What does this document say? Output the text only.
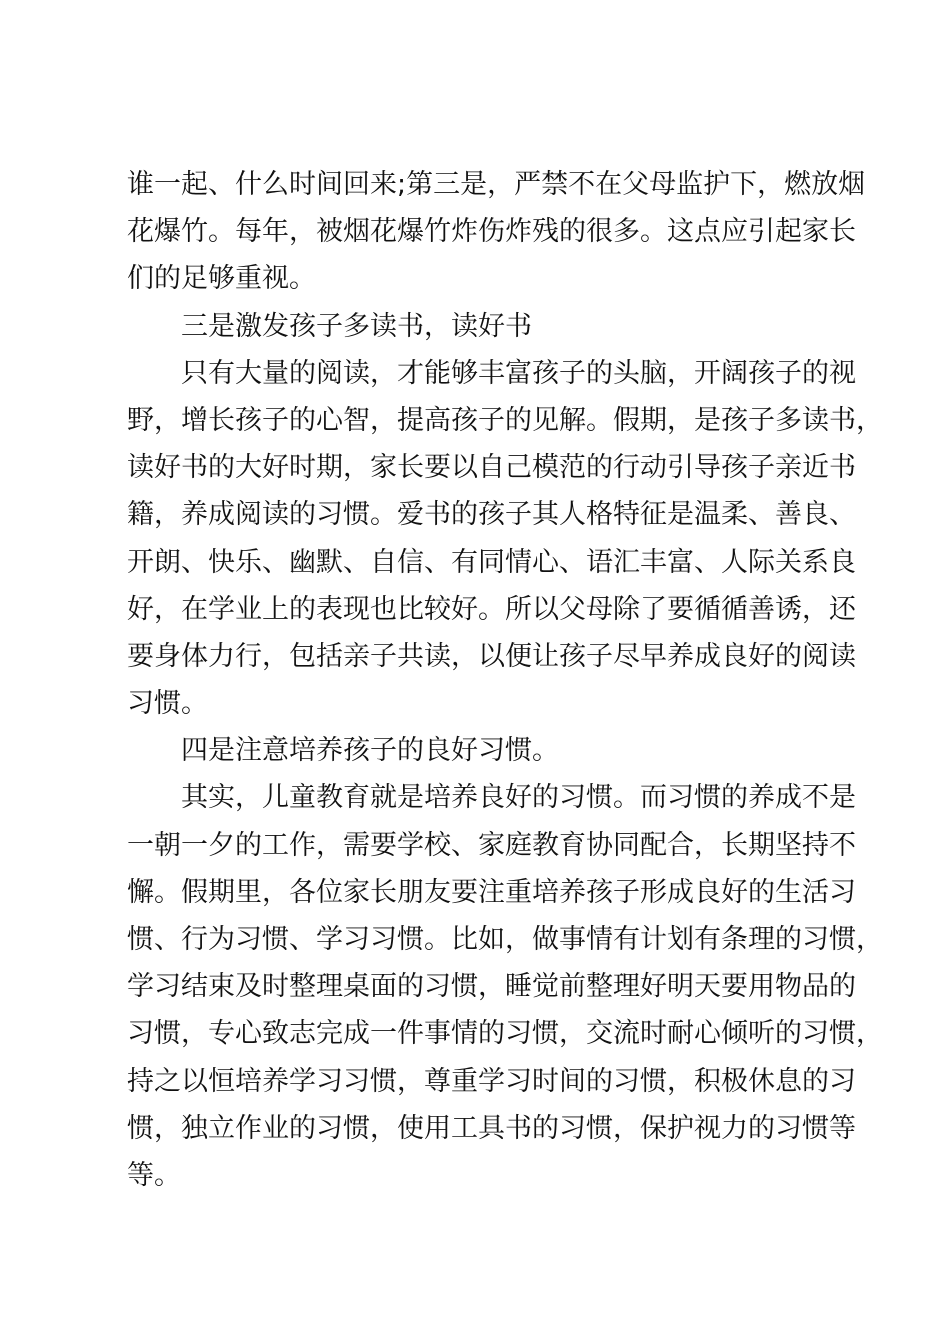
谁一起、什么时间回来;第三是，严禁不在父母监护下，燃放烟
花爆竹。每年，被烟花爆竹炸伤炸残的很多。这点应引起家长
们的足够重视。
三是激发孩子多读书，读好书
只有大量的阅读，才能够丰富孩子的头脑，开阔孩子的视
野，增长孩子的心智，提高孩子的见解。假期，是孩子多读书，
读好书的大好时期，家长要以自己模范的行动引导孩子亲近书
籍，养成阅读的习惯。爱书的孩子其人格特征是温柔、善良、
开朗、快乐、幽默、自信、有同情心、语汇丰富、人际关系良
好，在学业上的表现也比较好。所以父母除了要循循善诱，还
要身体力行，包括亲子共读，以便让孩子尽早养成良好的阅读
习惯。
四是注意培养孩子的良好习惯。
其实，儿童教育就是培养良好的习惯。而习惯的养成不是
一朝一夕的工作，需要学校、家庭教育协同配合，长期坚持不
懈。假期里，各位家长朋友要注重培养孩子形成良好的生活习
惯、行为习惯、学习习惯。比如，做事情有计划有条理的习惯，
学习结束及时整理桌面的习惯，睡觉前整理好明天要用物品的
习惯，专心致志完成一件事情的习惯，交流时耐心倾听的习惯，
持之以恒培养学习习惯，尊重学习时间的习惯，积极休息的习
惯，独立作业的习惯，使用工具书的习惯，保护视力的习惯等
等。
